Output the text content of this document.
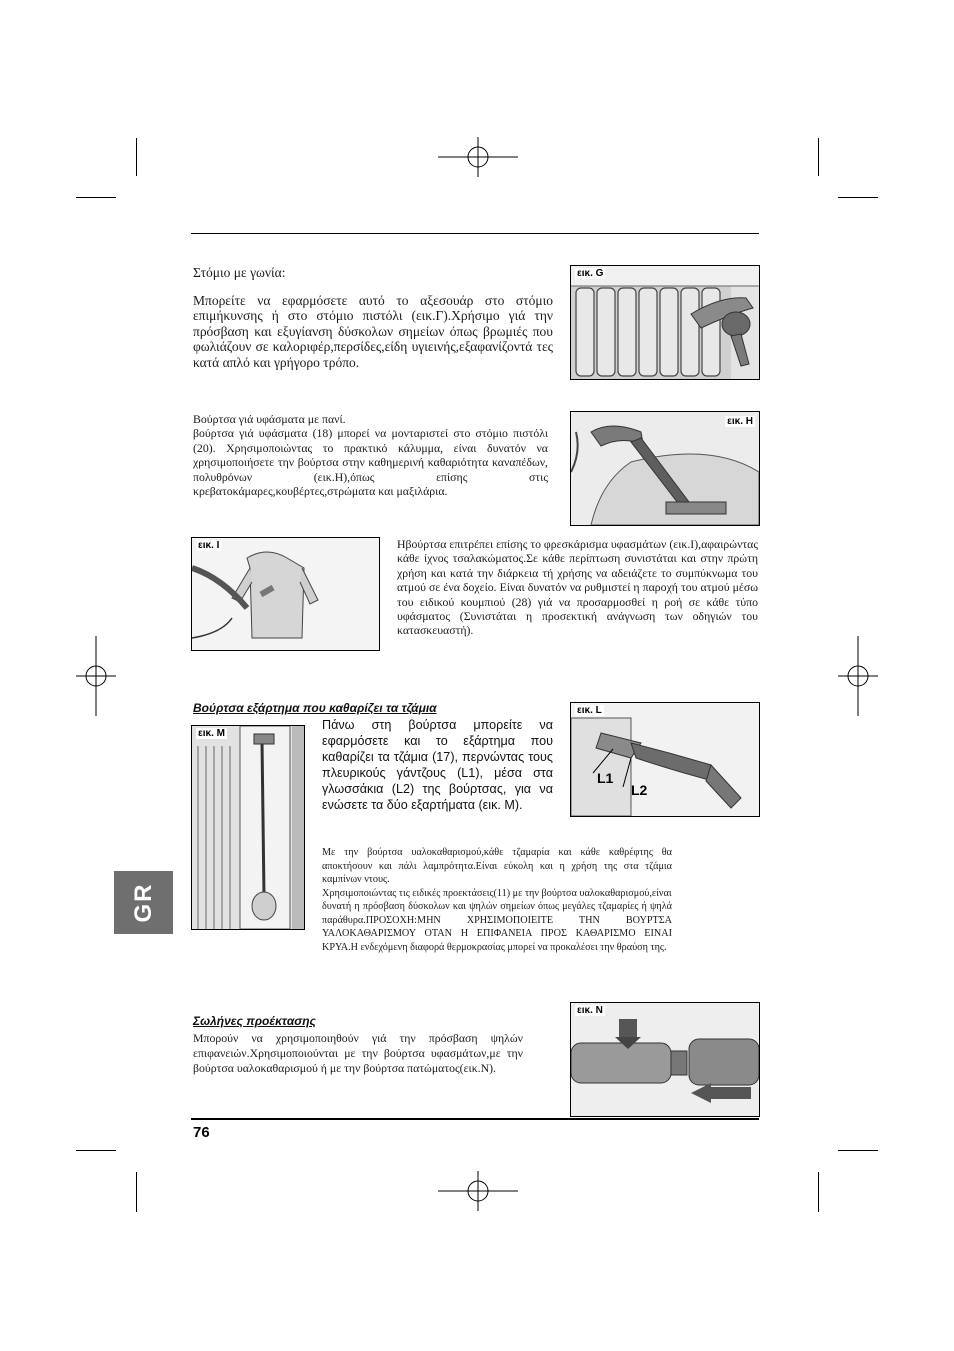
Στόμιο με γωνία:

Μπορείτε να εφαρμόσετε αυτό το αξεσουάρ στο στόμιο επιμήκυνσης ή στο στόμιο πιστόλι (εικ.Γ).Χρήσιμο γιά την πρόσβαση και εξυγίανση δύσκολων σημείων όπως βρωμιές που φωλιάζουν σε καλοριφέρ,περσίδες,είδη υγιεινής,εξαφανίζοντά τες κατά απλό και γρήγορο τρόπο.

εικ. G

Βούρτσα γιά υφάσματα με πανί.

βούρτσα γιά υφάσματα (18) μπορεί να μονταριστεί στο στόμιο πιστόλι (20). Χρησιμοποιώντας το πρακτικό κάλυμμα, είναι δυνατόν να χρησιμοποιήσετε την βούρτσα στην καθημερινή καθαριότητα καναπέδων, πολυθρόνων (εικ.Η),όπως επίσης στις κρεβατοκάμαρες,κουβέρτες,στρώματα και μαξιλάρια.

εικ. H
εικ. I	Ηβούρτσα επιτρέπει επίσης το φρεσκάρισμα υφασμάτων (εικ.Ι),αφαιρώντας κάθε ίχνος τσαλακώματος.Σε κάθε περίπτωση συνιστάται και στην πρώτη χρήση και κατά την διάρκεια τή χρήσης να αδειάζετε το συμπύκνωμα του ατμού σε ένα δοχείο. Είναι δυνατόν να ρυθμιστεί η παροχή του ατμού μέσω του ειδικού κουμπιού (28) γιά να προσαρμοσθεί η ροή σε κάθε τύπο υφάσματος (Συνιστάται η προσεκτική ανάγνωση των οδηγιών του κατασκευαστή).

Βούρτσα εξάρτημα που καθαρίζει τα τζάμια
εικ. M

Πάνω στη βούρτσα μπορείτε να εφαρμόσετε και το εξάρτημα που καθαρίζει τα τζάμια (17), περνώντας τους πλευρικούς γάντζους (L1), μέσα στα γλωσσάκια (L2) της βούρτσας, για να ενώσετε τα δύο εξαρτήματα (εικ. Μ).

εικ. L
L1
L2

Με την βούρτσα υαλοκαθαρισμού,κάθε τζαμαρία και κάθε καθρέφτης θα αποκτήσουν και πάλι λαμπρότητα.Είναι εύκολη και η χρήση της στα τζάμια καμπίνων ντους.

Χρησιμοποιώντας τις ειδικές προεκτάσεις(11) με την βούρτσα υαλοκαθαρισμού,είναι

δυνατή η πρόσβαση δύσκολων και ψηλών σημείων όπως μεγάλες τζαμαρίες ή ψηλά παράθυρα.ΠΡΟΣΟΧΗ:ΜΗΝ ΧΡΗΣΙΜΟΠΟΙΕΙΤΕ ΤΗΝ ΒΟΥΡΤΣΑ ΥΑΛΟΚΑΘΑΡΙΣΜΟΥ ΟΤΑΝ Η ΕΠΙΦΑΝΕΙΑ ΠΡΟΣ ΚΑΘΑΡΙΣΜΟ ΕΙΝΑΙ ΚΡΥΑ.Η ενδεχόμενη διαφορά θερμοκρασίας μπορεί να προκαλέσει την θραύση της.

GR
Σωλήνες προέκτασης

Μπορούν να χρησιμοποιηθούν γιά την πρόσβαση ψηλών επιφανειών.Χρησιμοποιούνται με την βούρτσα υφασμάτων,με την βούρτσα υαλοκαθαρισμού ή με την βούρτσα πατώματος(εικ.Ν).

εικ. N
76
